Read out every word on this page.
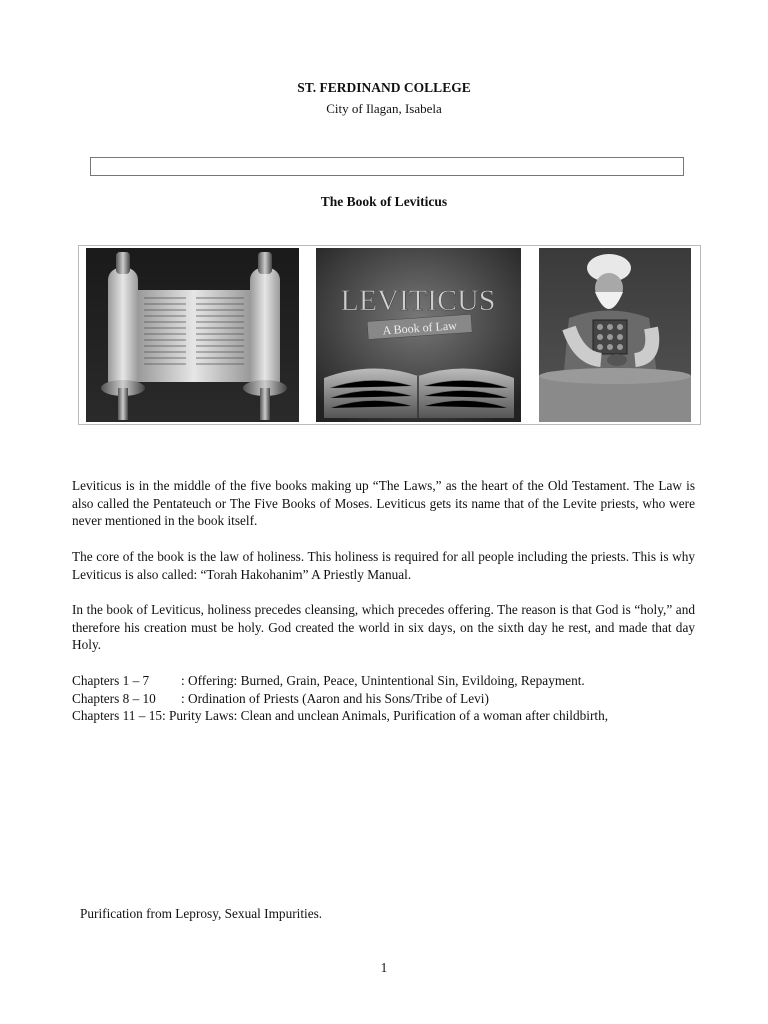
ST. FERDINAND COLLEGE
City of Ilagan, Isabela
The Book of Leviticus
LEVITICUS
A Book of Law

Leviticus is in the middle of the five books making up “The Laws,” as the heart of the Old Testament. The Law is also called the Pentateuch or The Five Books of Moses. Leviticus gets its name that of the Levite priests, who were never mentioned in the book itself.

The core of the book is the law of holiness. This holiness is required for all people including the priests. This is why Leviticus is also called: “Torah Hakohanim” A Priestly Manual.

In the book of Leviticus, holiness precedes cleansing, which precedes offering. The reason is that God is “holy,” and therefore his creation must be holy. God created the world in six days, on the sixth day he rest, and made that day Holy.

Chapters 1 – 7 : Offering: Burned, Grain, Peace, Unintentional Sin, Evildoing, Repayment.
Chapters 8 – 10 : Ordination of Priests (Aaron and his Sons/Tribe of Levi)
Chapters 11 – 15: Purity Laws: Clean and unclean Animals, Purification of a woman after childbirth,
Purification from Leprosy, Sexual Impurities.
1
